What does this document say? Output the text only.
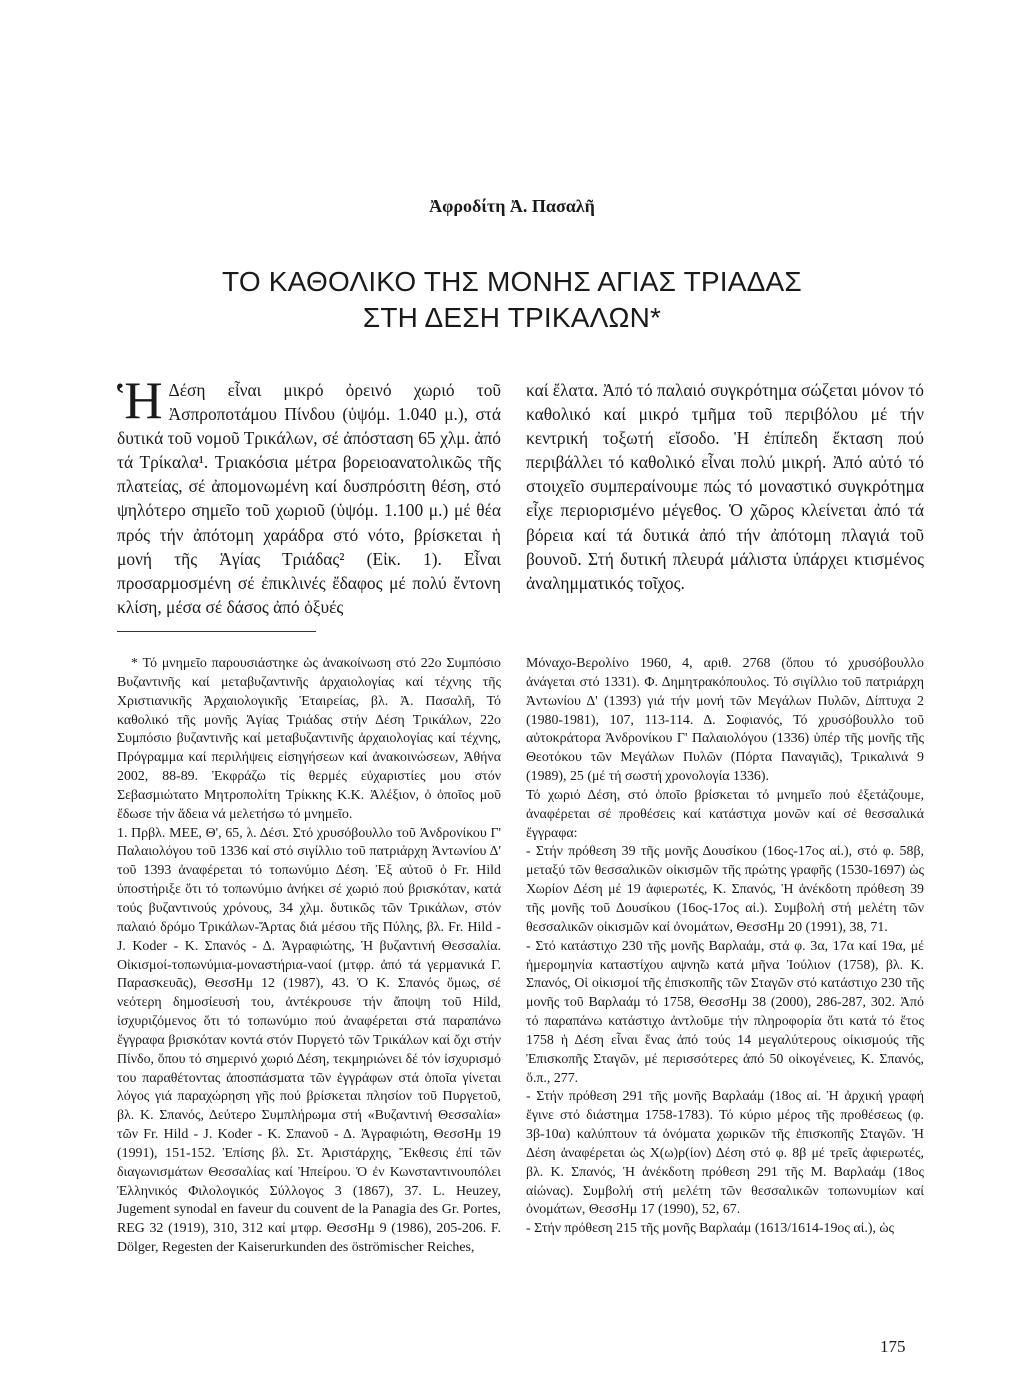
Ἀφροδίτη Ἀ. Πασαλῆ
ΤΟ ΚΑΘΟΛΙΚΟ ΤΗΣ ΜΟΝΗΣ ΑΓΙΑΣ ΤΡΙΑΔΑΣ
ΣΤΗ ΔΕΣΗ ΤΡΙΚΑΛΩΝ*
Ἡ Δέση εἶναι μικρό ὀρεινό χωριό τοῦ Ἀσπροποτάμου Πίνδου (ὑψόμ. 1.040 μ.), στά δυτικά τοῦ νομοῦ Τρικάλων, σέ ἀπόσταση 65 χλμ. ἀπό τά Τρίκαλα¹. Τριακόσια μέτρα βορειοανατολικῶς τῆς πλατείας, σέ ἀπομονωμένη καί δυσπρόσιτη θέση, στό ψηλότερο σημεῖο τοῦ χωριοῦ (ὑψόμ. 1.100 μ.) μέ θέα πρός τήν ἀπότομη χαράδρα στό νότο, βρίσκεται ἡ μονή τῆς Ἁγίας Τριάδας² (Εἰκ. 1). Εἶναι προσαρμοσμένη σέ ἐπικλινές ἔδαφος μέ πολύ ἔντονη κλίση, μέσα σέ δάσος ἀπό ὀξυές
καί ἔλατα. Ἀπό τό παλαιό συγκρότημα σώζεται μόνον τό καθολικό καί μικρό τμῆμα τοῦ περιβόλου μέ τήν κεντρική τοξωτή εἴσοδο. Ἡ ἐπίπεδη ἔκταση πού περιβάλλει τό καθολικό εἶναι πολύ μικρή. Ἀπό αὐτό τό στοιχεῖο συμπεραίνουμε πώς τό μοναστικό συγκρότημα εἶχε περιορισμένο μέγεθος. Ὁ χῶρος κλείνεται ἀπό τά βόρεια καί τά δυτικά ἀπό τήν ἀπότομη πλαγιά τοῦ βουνοῦ. Στή δυτική πλευρά μάλιστα ὑπάρχει κτισμένος ἀναλημματικός τοῖχος.

* Τό μνημεῖο παρουσιάστηκε ὡς ἀνακοίνωση στό 22ο Συμπόσιο Βυζαντινῆς καί μεταβυζαντινῆς ἀρχαιολογίας καί τέχνης τῆς Χριστιανικῆς Ἀρχαιολογικῆς Ἑταιρείας, βλ. Ἀ. Πασαλῆ, Τό καθολικό τῆς μονῆς Ἁγίας Τριάδας στήν Δέση Τρικάλων, 22ο Συμπόσιο βυζαντινῆς καί μεταβυζαντινῆς ἀρχαιολογίας καί τέχνης, Πρόγραμμα καί περιλήψεις εἰσηγήσεων καί ἀνακοινώσεων, Ἀθήνα 2002, 88-89. Ἐκφράζω τίς θερμές εὐχαριστίες μου στόν Σεβασμιώτατο Μητροπολίτη Τρίκκης Κ.Κ. Ἀλέξιον, ὁ ὁποῖος μοῦ ἔδωσε τήν ἄδεια νά μελετήσω τό μνημεῖο.

1. Πρβλ. ΜΕΕ, Θ', 65, λ. Δέσι. Στό χρυσόβουλλο τοῦ Ἀνδρονίκου Γ' Παλαιολόγου τοῦ 1336 καί στό σιγίλλιο τοῦ πατριάρχη Ἀντωνίου Δ' τοῦ 1393 ἀναφέρεται τό τοπωνύμιο Δέση. Ἐξ αὐτοῦ ὁ Fr. Hild ὑποστήριξε ὅτι τό τοπωνύμιο ἀνήκει σέ χωριό πού βρισκόταν, κατά τούς βυζαντινούς χρόνους, 34 χλμ. δυτικῶς τῶν Τρικάλων, στόν παλαιό δρόμο Τρικάλων-Ἄρτας διά μέσου τῆς Πύλης, βλ. Fr. Hild - J. Koder - Κ. Σπανός - Δ. Ἀγραφιώτης, Ἡ βυζαντινή Θεσσαλία. Οἰκισμοί-τοπωνύμια-μοναστήρια-ναοί (μτφρ. ἀπό τά γερμανικά Γ. Παρασκευᾶς), ΘεσσΗμ 12 (1987), 43. Ὁ Κ. Σπανός ὅμως, σέ νεότερη δημοσίευσή του, ἀντέκρουσε τήν ἄποψη τοῦ Hild, ἰσχυριζόμενος ὅτι τό τοπωνύμιο πού ἀναφέρεται στά παραπάνω ἔγγραφα βρισκόταν κοντά στόν Πυργετό τῶν Τρικάλων καί ὄχι στήν Πίνδο, ὅπου τό σημερινό χωριό Δέση, τεκμηριώνει δέ τόν ἰσχυρισμό του παραθέτοντας ἀποσπάσματα τῶν ἐγγράφων στά ὁποῖα γίνεται λόγος γιά παραχώρηση γῆς πού βρίσκεται πλησίον τοῦ Πυργετοῦ, βλ. Κ. Σπανός, Δεύτερο Συμπλήρωμα στή «Βυζαντινή Θεσσαλία» τῶν Fr. Hild - J. Koder - Κ. Σπανοῦ - Δ. Ἀγραφιώτη, ΘεσσΗμ 19 (1991), 151-152. Ἐπίσης βλ. Στ. Ἀριστάρχης, Ἔκθεσις ἐπί τῶν διαγωνισμάτων Θεσσαλίας καί Ἠπείρου. Ὁ ἐν Κωνσταντινουπόλει Ἑλληνικός Φιλολογικός Σύλλογος 3 (1867), 37. L. Heuzey, Jugement synodal en faveur du couvent de la Panagia des Gr. Portes, REG 32 (1919), 310, 312 καί μτφρ. ΘεσσΗμ 9 (1986), 205-206. F. Dölger, Regesten der Kaiserurkunden des öströmischer Reiches,

Μόναχο-Βερολίνο 1960, 4, αριθ. 2768 (ὅπου τό χρυσόβουλλο ἀνάγεται στό 1331). Φ. Δημητρακόπουλος. Τό σιγίλλιο τοῦ πατριάρχη Ἀντωνίου Δ' (1393) γιά τήν μονή τῶν Μεγάλων Πυλῶν, Δίπτυχα 2 (1980-1981), 107, 113-114. Δ. Σοφιανός, Τό χρυσόβουλλο τοῦ αὐτοκράτορα Ἀνδρονίκου Γ' Παλαιολόγου (1336) ὑπέρ τῆς μονῆς τῆς Θεοτόκου τῶν Μεγάλων Πυλῶν (Πόρτα Παναγιᾶς), Τρικαλινά 9 (1989), 25 (μέ τή σωστή χρονολογία 1336).

Τό χωριό Δέση, στό ὁποῖο βρίσκεται τό μνημεῖο πού ἐξετάζουμε, ἀναφέρεται σέ προθέσεις καί κατάστιχα μονῶν καί σέ θεσσαλικά ἔγγραφα:

- Στήν πρόθεση 39 τῆς μονῆς Δουσίκου (16ος-17ος αἰ.), στό φ. 58β, μεταξύ τῶν θεσσαλικῶν οἰκισμῶν τῆς πρώτης γραφῆς (1530-1697) ὡς Χωρίον Δέση μέ 19 ἀφιερωτές, Κ. Σπανός, Ἡ ἀνέκδοτη πρόθεση 39 τῆς μονῆς τοῦ Δουσίκου (16ος-17ος αἰ.). Συμβολή στή μελέτη τῶν θεσσαλικῶν οἰκισμῶν καί ὀνομάτων, ΘεσσΗμ 20 (1991), 38, 71.

- Στό κατάστιχο 230 τῆς μονῆς Βαρλαάμ, στά φ. 3α, 17α καί 19α, μέ ἡμερομηνία καταστίχου αψνη̃ω κατά μῆνα Ἰούλιον (1758), βλ. Κ. Σπανός, Οἱ οἰκισμοί τῆς ἐπισκοπῆς τῶν Σταγῶν στό κατάστιχο 230 τῆς μονῆς τοῦ Βαρλαάμ τό 1758, ΘεσσΗμ 38 (2000), 286-287, 302. Ἀπό τό παραπάνω κατάστιχο ἀντλοῦμε τήν πληροφορία ὅτι κατά τό ἔτος 1758 ἡ Δέση εἶναι ἕνας ἀπό τούς 14 μεγαλύτερους οἰκισμούς τῆς Ἐπισκοπῆς Σταγῶν, μέ περισσότερες ἀπό 50 οἰκογένειες, Κ. Σπανός, ὅ.π., 277.

- Στήν πρόθεση 291 τῆς μονῆς Βαρλαάμ (18ος αἰ. Ἡ ἀρχική γραφή ἔγινε στό διάστημα 1758-1783). Τό κύριο μέρος τῆς προθέσεως (φ. 3β-10α) καλύπτουν τά ὀνόματα χωρικῶν τῆς ἐπισκοπῆς Σταγῶν. Ἡ Δέση ἀναφέρεται ὡς Χ(ω)ρ(ίον) Δέση στό φ. 8β μέ τρεῖς ἀφιερωτές, βλ. Κ. Σπανός, Ἡ ἀνέκδοτη πρόθεση 291 τῆς Μ. Βαρλαάμ (18ος αἰώνας). Συμβολή στή μελέτη τῶν θεσσαλικῶν τοπωνυμίων καί ὀνομάτων, ΘεσσΗμ 17 (1990), 52, 67.

- Στήν πρόθεση 215 τῆς μονῆς Βαρλαάμ (1613/1614-19ος αἰ.), ὡς

175
